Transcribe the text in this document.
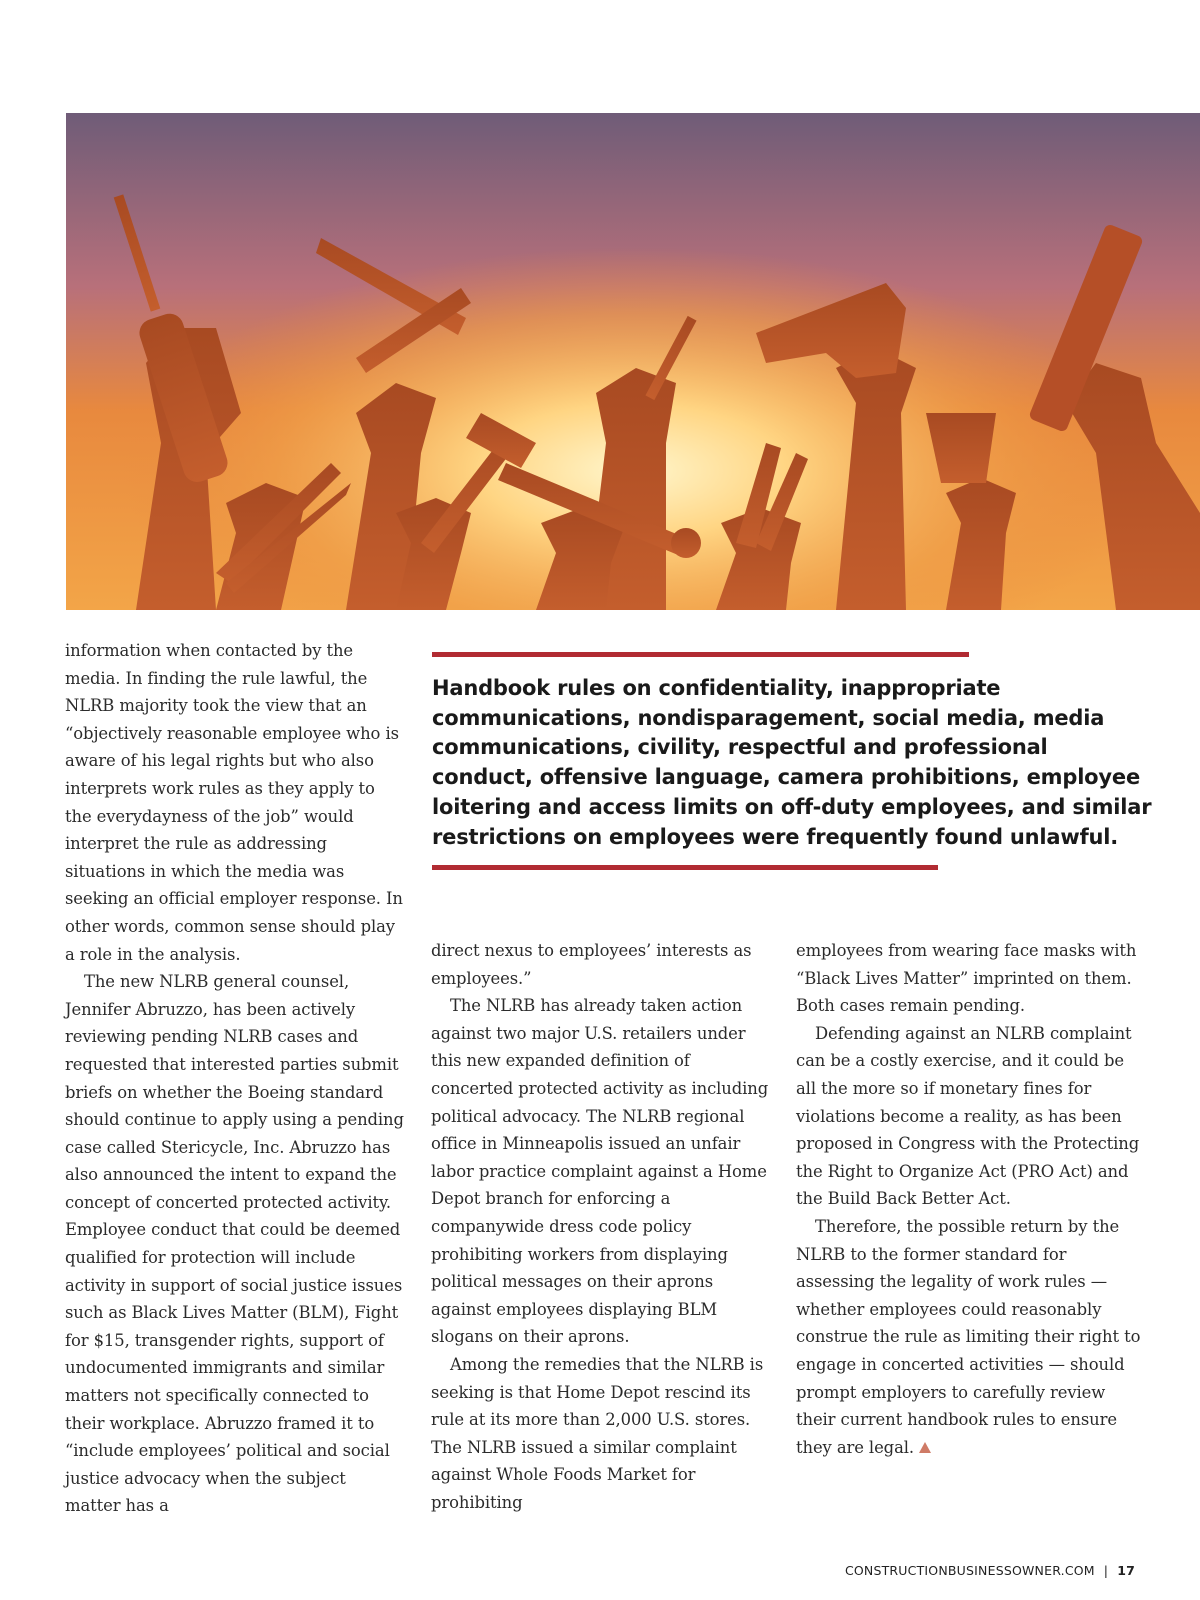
information when contacted by the media. In finding the rule lawful, the NLRB majority took the view that an “objectively reasonable employee who is aware of his legal rights but who also interprets work rules as they apply to the everydayness of the job” would interpret the rule as addressing situations in which the media was seeking an official employer response. In other words, common sense should play a role in the analysis.

The new NLRB general counsel, Jennifer Abruzzo, has been actively reviewing pending NLRB cases and requested that interested parties submit briefs on whether the Boeing standard should continue to apply using a pending case called Stericycle, Inc. Abruzzo has also announced the intent to expand the concept of concerted protected activity. Employee conduct that could be deemed qualified for protection will include activity in support of social justice issues such as Black Lives Matter (BLM), Fight for $15, transgender rights, support of undocumented immigrants and similar matters not specifically connected to their workplace. Abruzzo framed it to “include employees’ political and social justice advocacy when the subject matter has a

Handbook rules on confidentiality, inappropriate communications, nondisparagement, social media, media communications, civility, respectful and professional conduct, offensive language, camera prohibitions, employee loitering and access limits on off-duty employees, and similar restrictions on employees were frequently found unlawful.

direct nexus to employees’ interests as employees.”

The NLRB has already taken action against two major U.S. retailers under this new expanded definition of concerted protected activity as including political advocacy. The NLRB regional office in Minneapolis issued an unfair labor practice complaint against a Home Depot branch for enforcing a companywide dress code policy prohibiting workers from displaying political messages on their aprons against employees displaying BLM slogans on their aprons.

Among the remedies that the NLRB is seeking is that Home Depot rescind its rule at its more than 2,000 U.S. stores. The NLRB issued a similar complaint against Whole Foods Market for prohibiting

employees from wearing face masks with “Black Lives Matter” imprinted on them. Both cases remain pending.

Defending against an NLRB complaint can be a costly exercise, and it could be all the more so if monetary fines for violations become a reality, as has been proposed in Congress with the Protecting the Right to Organize Act (PRO Act) and the Build Back Better Act.

Therefore, the possible return by the NLRB to the former standard for assessing the legality of work rules — whether employees could reasonably construe the rule as limiting their right to engage in concerted activities — should prompt employers to carefully review their current handbook rules to ensure they are legal.

CONSTRUCTIONBUSINESSOWNER.COM | 17
